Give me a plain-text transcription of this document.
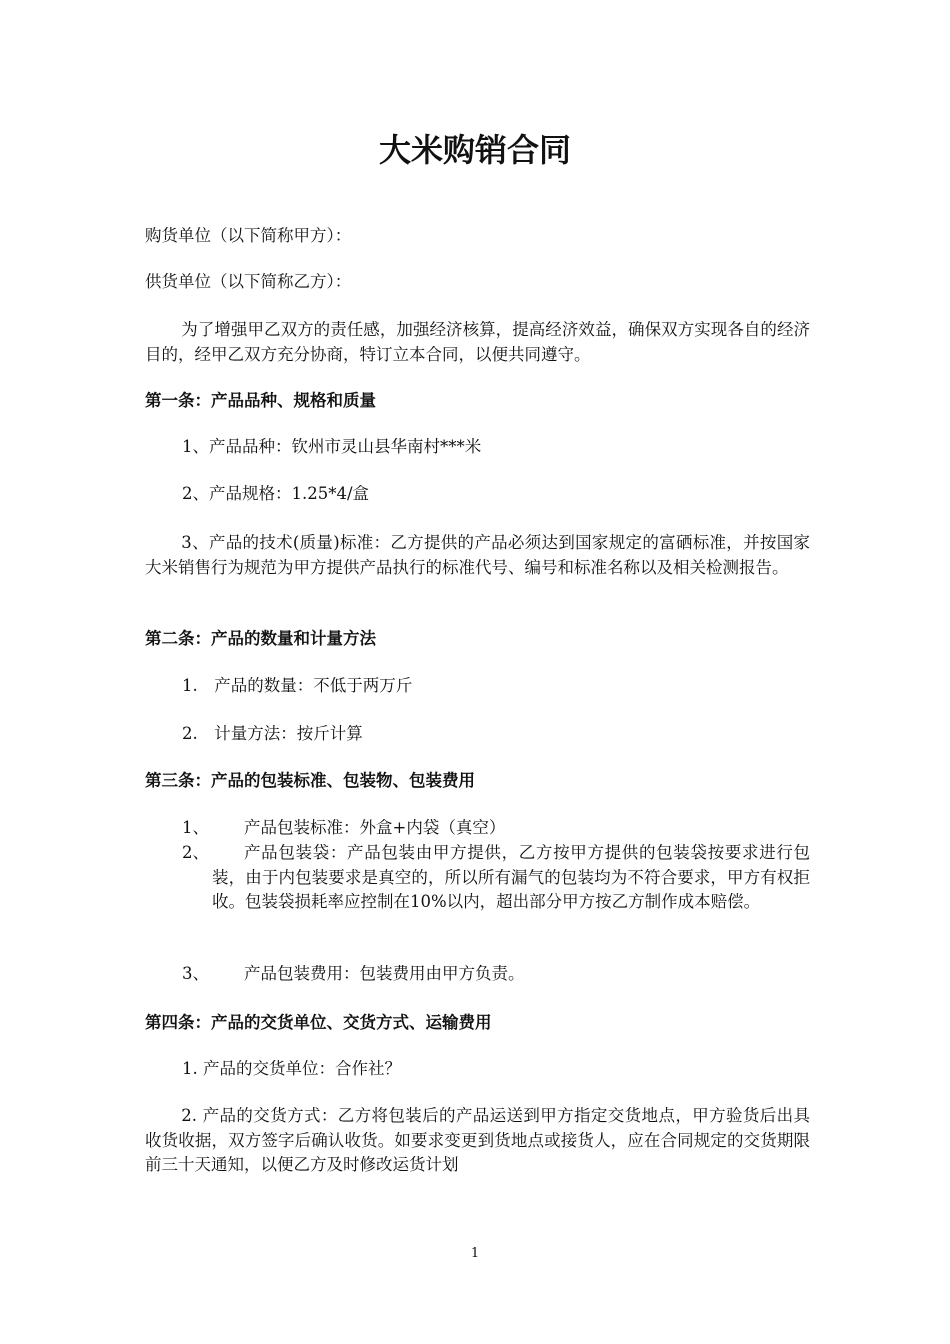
大米购销合同
购货单位（以下简称甲方）：
供货单位（以下简称乙方）：
为了增强甲乙双方的责任感，加强经济核算，提高经济效益，确保双方实现各自的经济目的，经甲乙双方充分协商，特订立本合同，以便共同遵守。
第一条：产品品种、规格和质量
1、产品品种：钦州市灵山县华南村***米
2、产品规格：1.25*4/盒
3、产品的技术(质量)标准：乙方提供的产品必须达到国家规定的富硒标准，并按国家大米销售行为规范为甲方提供产品执行的标准代号、编号和标准名称以及相关检测报告。
第二条：产品的数量和计量方法
1.　产品的数量：不低于两万斤
2.　计量方法：按斤计算
第三条：产品的包装标准、包装物、包装费用
1、	产品包装标准：外盒+内袋（真空）
2、	产品包装袋：产品包装由甲方提供，乙方按甲方提供的包装袋按要求进行包装，由于内包装要求是真空的，所以所有漏气的包装均为不符合要求，甲方有权拒收。包装袋损耗率应控制在10%以内，超出部分甲方按乙方制作成本赔偿。
3、	产品包装费用：包装费用由甲方负责。
第四条：产品的交货单位、交货方式、运输费用
1. 产品的交货单位：合作社？
2. 产品的交货方式：乙方将包装后的产品运送到甲方指定交货地点，甲方验货后出具收货收据，双方签字后确认收货。如要求变更到货地点或接货人，应在合同规定的交货期限前三十天通知，以便乙方及时修改运货计划
1
